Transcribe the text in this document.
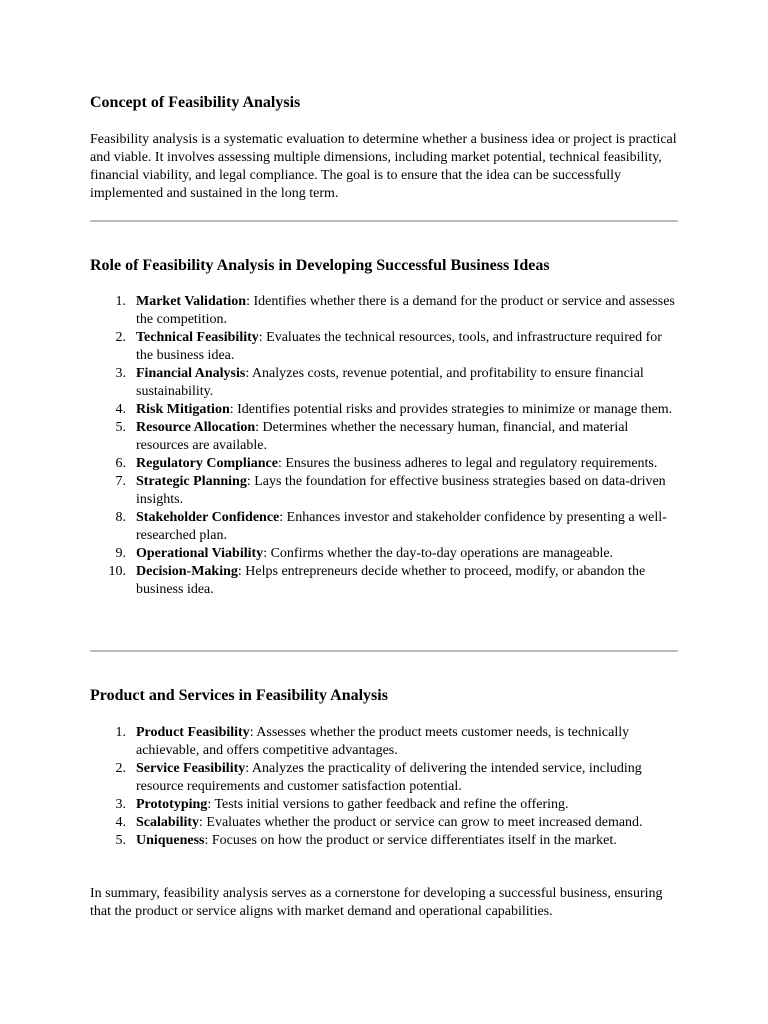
Concept of Feasibility Analysis

Feasibility analysis is a systematic evaluation to determine whether a business idea or project is practical and viable. It involves assessing multiple dimensions, including market potential, technical feasibility, financial viability, and legal compliance. The goal is to ensure that the idea can be successfully implemented and sustained in the long term.

Role of Feasibility Analysis in Developing Successful Business Ideas
1. Market Validation: Identifies whether there is a demand for the product or service and assesses the competition.
2. Technical Feasibility: Evaluates the technical resources, tools, and infrastructure required for the business idea.
3. Financial Analysis: Analyzes costs, revenue potential, and profitability to ensure financial sustainability.
4. Risk Mitigation: Identifies potential risks and provides strategies to minimize or manage them.
5. Resource Allocation: Determines whether the necessary human, financial, and material resources are available.
6. Regulatory Compliance: Ensures the business adheres to legal and regulatory requirements.
7. Strategic Planning: Lays the foundation for effective business strategies based on data-driven insights.
8. Stakeholder Confidence: Enhances investor and stakeholder confidence by presenting a well-researched plan.
9. Operational Viability: Confirms whether the day-to-day operations are manageable.
10. Decision-Making: Helps entrepreneurs decide whether to proceed, modify, or abandon the business idea.
Product and Services in Feasibility Analysis
1. Product Feasibility: Assesses whether the product meets customer needs, is technically achievable, and offers competitive advantages.
2. Service Feasibility: Analyzes the practicality of delivering the intended service, including resource requirements and customer satisfaction potential.
3. Prototyping: Tests initial versions to gather feedback and refine the offering.
4. Scalability: Evaluates whether the product or service can grow to meet increased demand.
5. Uniqueness: Focuses on how the product or service differentiates itself in the market.

In summary, feasibility analysis serves as a cornerstone for developing a successful business, ensuring that the product or service aligns with market demand and operational capabilities.
